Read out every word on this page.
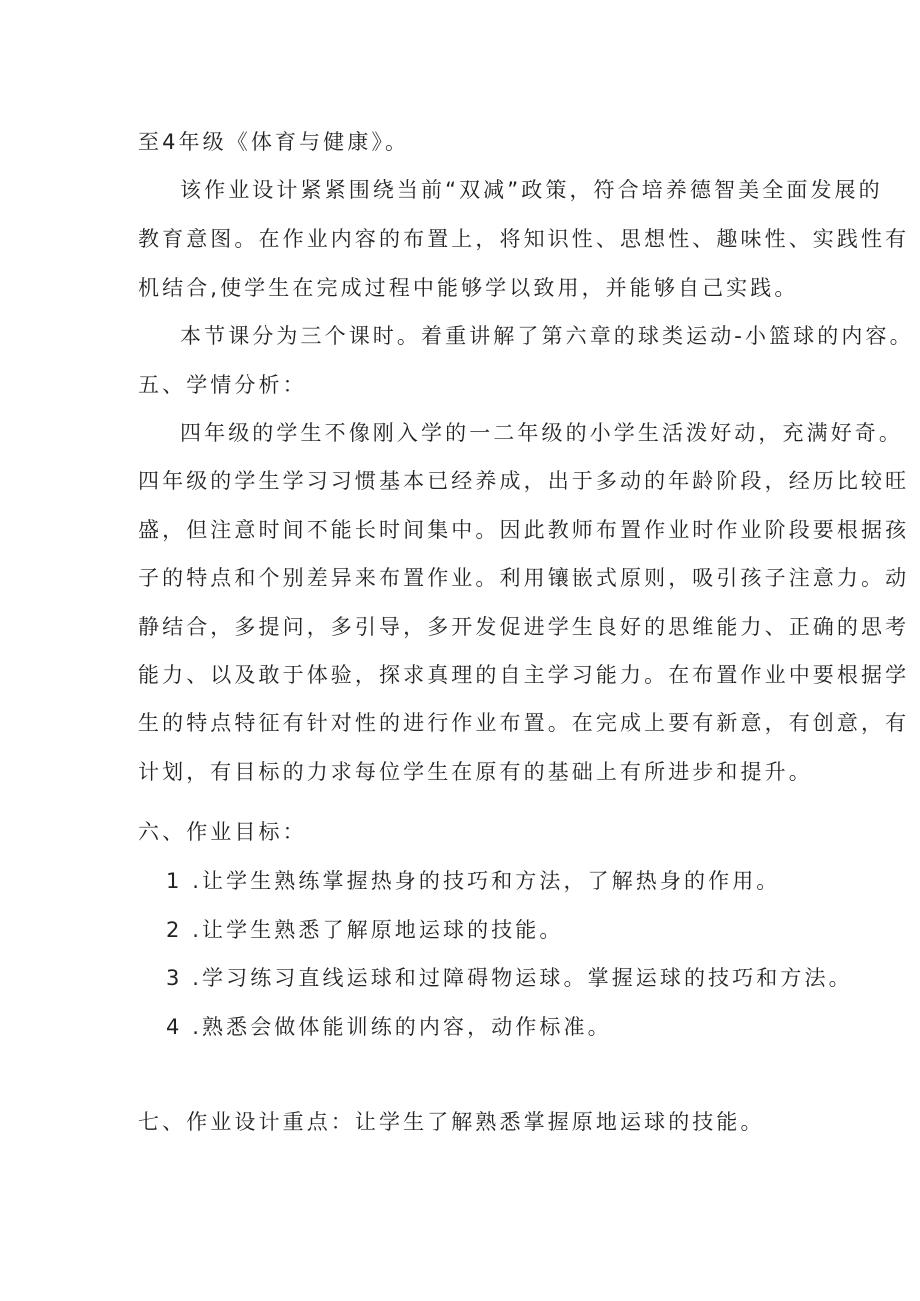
至4年级《体育与健康》。
该作业设计紧紧围绕当前“双减”政策，符合培养德智美全面发展的
教育意图。在作业内容的布置上，将知识性、思想性、趣味性、实践性有
机结合,使学生在完成过程中能够学以致用，并能够自己实践。
本节课分为三个课时。着重讲解了第六章的球类运动-小篮球的内容。
五、学情分析：
四年级的学生不像刚入学的一二年级的小学生活泼好动，充满好奇。
四年级的学生学习习惯基本已经养成，出于多动的年龄阶段，经历比较旺
盛，但注意时间不能长时间集中。因此教师布置作业时作业阶段要根据孩
子的特点和个别差异来布置作业。利用镶嵌式原则，吸引孩子注意力。动
静结合，多提问，多引导，多开发促进学生良好的思维能力、正确的思考
能力、以及敢于体验，探求真理的自主学习能力。在布置作业中要根据学
生的特点特征有针对性的进行作业布置。在完成上要有新意，有创意，有
计划，有目标的力求每位学生在原有的基础上有所进步和提升。
六、作业目标：
1 .让学生熟练掌握热身的技巧和方法，了解热身的作用。
2 .让学生熟悉了解原地运球的技能。
3 .学习练习直线运球和过障碍物运球。掌握运球的技巧和方法。
4 .熟悉会做体能训练的内容，动作标准。
七、作业设计重点：让学生了解熟悉掌握原地运球的技能。
